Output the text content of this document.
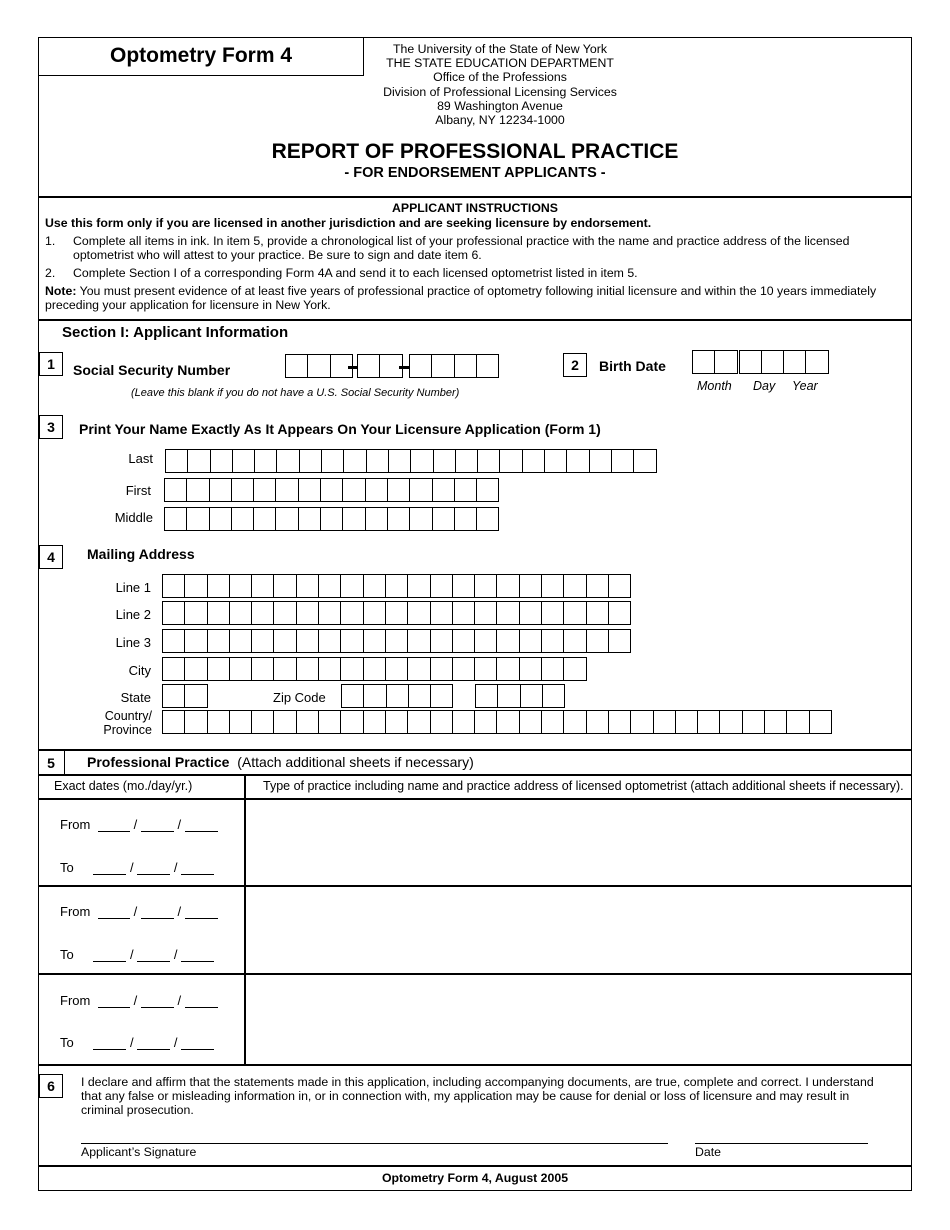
Optometry Form 4	The University of the State of New York
THE STATE EDUCATION DEPARTMENT
Office of the Professions
Division of Professional Licensing Services
89 Washington Avenue
Albany, NY 12234-1000
REPORT OF PROFESSIONAL PRACTICE
- FOR ENDORSEMENT APPLICANTS -
APPLICANT INSTRUCTIONS
Use this form only if you are licensed in another jurisdiction and are seeking licensure by endorsement.
1. Complete all items in ink. In item 5, provide a chronological list of your professional practice with the name and practice address of the licensed
optometrist who will attest to your practice. Be sure to sign and date item 6.
2. Complete Section I of a corresponding Form 4A and send it to each licensed optometrist listed in item 5.
Note: You must present evidence of at least five years of professional practice of optometry following initial licensure and within the 10 years immediately
preceding your application for licensure in New York.
Section I: Applicant Information
1	Social Security Number
(Leave this blank if you do not have a U.S. Social Security Number)
2	Birth Date
Month Day Year
3	Print Your Name Exactly As It Appears On Your Licensure Application (Form 1)
Last
First
Middle
4	Mailing Address
Line 1
Line 2
Line 3
City
State	Zip Code
Country/
Province
5	Professional Practice (Attach additional sheets if necessary)
Exact dates (mo./day/yr.)	Type of practice including name and practice address of licensed optometrist (attach additional sheets if necessary).
From	/	/
To	/	/
From	/	/
To	/	/
From	/	/
To	/	/
6	I declare and affirm that the statements made in this application, including accompanying documents, are true, complete and correct. I understand
that any false or misleading information in, or in connection with, my application may be cause for denial or loss of licensure and may result in
criminal prosecution.
Applicant’s Signature	Date
Optometry Form 4, August 2005
